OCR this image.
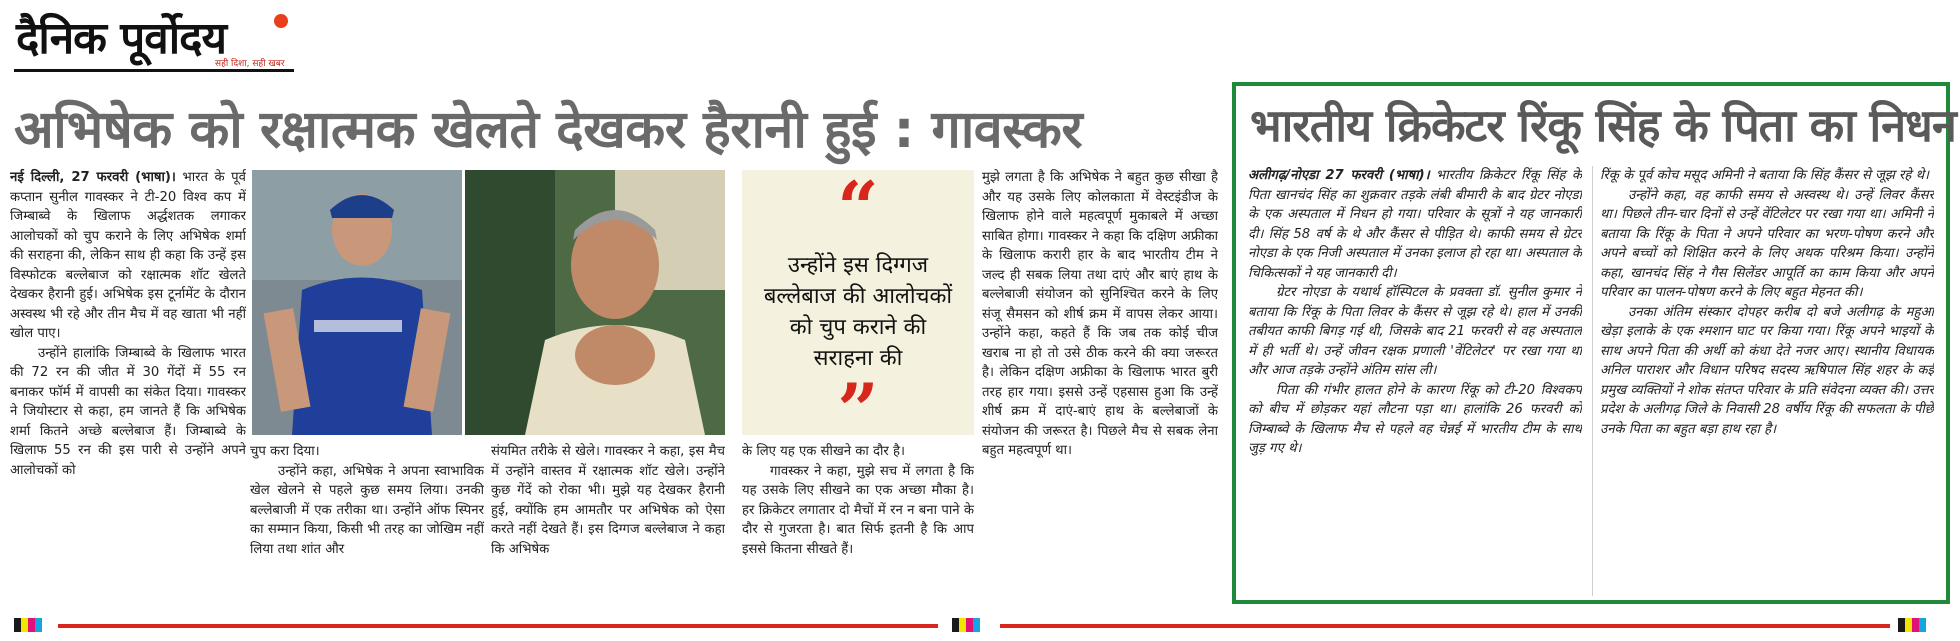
दैनिक पूर्वोदय
सही दिशा, सही खबर
अभिषेक को रक्षात्मक खेलते देखकर हैरानी हुई : गावस्कर

नई दिल्ली, 27 फरवरी (भाषा)। भारत के पूर्व कप्तान सुनील गावस्कर ने टी-20 विश्व कप में जिम्बाब्वे के खिलाफ अर्द्धशतक लगाकर आलोचकों को चुप कराने के लिए अभिषेक शर्मा की सराहना की, लेकिन साथ ही कहा कि उन्हें इस विस्फोटक बल्लेबाज को रक्षात्मक शॉट खेलते देखकर हैरानी हुई। अभिषेक इस टूर्नामेंट के दौरान अस्वस्थ भी रहे और तीन मैच में वह खाता भी नहीं खोल पाए।

उन्होंने हालांकि जिम्बाब्वे के खिलाफ भारत की 72 रन की जीत में 30 गेंदों में 55 रन बनाकर फॉर्म में वापसी का संकेत दिया। गावस्कर ने जियोस्टार से कहा, हम जानते हैं कि अभिषेक शर्मा कितने अच्छे बल्लेबाज हैं। जिम्बाब्वे के खिलाफ 55 रन की इस पारी से उन्होंने अपने आलोचकों को

“
उन्होंने इस दिग्गज बल्लेबाज की आलोचकों को चुप कराने की सराहना की
”

चुप करा दिया।

उन्होंने कहा, अभिषेक ने अपना स्वाभाविक खेल खेलने से पहले कुछ समय लिया। उनकी बल्लेबाजी में एक तरीका था। उन्होंने ऑफ स्पिनर का सम्मान किया, किसी भी तरह का जोखिम नहीं लिया तथा शांत और

संयमित तरीके से खेले। गावस्कर ने कहा, इस मैच में उन्होंने वास्तव में रक्षात्मक शॉट खेले। उन्होंने कुछ गेंदें को रोका भी। मुझे यह देखकर हैरानी हुई, क्योंकि हम आमतौर पर अभिषेक को ऐसा करते नहीं देखते हैं। इस दिग्गज बल्लेबाज ने कहा कि अभिषेक

के लिए यह एक सीखने का दौर है।

गावस्कर ने कहा, मुझे सच में लगता है कि यह उसके लिए सीखने का एक अच्छा मौका है। हर क्रिकेटर लगातार दो मैचों में रन न बना पाने के दौर से गुजरता है। बात सिर्फ इतनी है कि आप इससे कितना सीखते हैं।

मुझे लगता है कि अभिषेक ने बहुत कुछ सीखा है और यह उसके लिए कोलकाता में वेस्टइंडीज के खिलाफ होने वाले महत्वपूर्ण मुकाबले में अच्छा साबित होगा। गावस्कर ने कहा कि दक्षिण अफ्रीका के खिलाफ करारी हार के बाद भारतीय टीम ने जल्द ही सबक लिया तथा दाएं और बाएं हाथ के बल्लेबाजी संयोजन को सुनिश्चित करने के लिए संजू सैमसन को शीर्ष क्रम में वापस लेकर आया। उन्होंने कहा, कहते हैं कि जब तक कोई चीज खराब ना हो तो उसे ठीक करने की क्या जरूरत है। लेकिन दक्षिण अफ्रीका के खिलाफ भारत बुरी तरह हार गया। इससे उन्हें एहसास हुआ कि उन्हें शीर्ष क्रम में दाएं-बाएं हाथ के बल्लेबाजों के संयोजन की जरूरत है। पिछले मैच से सबक लेना बहुत महत्वपूर्ण था।

भारतीय क्रिकेटर रिंकू सिंह के पिता का निधन

अलीगढ़/नोएडा 27 फरवरी (भाषा)। भारतीय क्रिकेटर रिंकू सिंह के पिता खानचंद सिंह का शुक्रवार तड़के लंबी बीमारी के बाद ग्रेटर नोएडा के एक अस्पताल में निधन हो गया। परिवार के सूत्रों ने यह जानकारी दी। सिंह 58 वर्ष के थे और कैंसर से पीड़ित थे। काफी समय से ग्रेटर नोएडा के एक निजी अस्पताल में उनका इलाज हो रहा था। अस्पताल के चिकित्सकों ने यह जानकारी दी।

ग्रेटर नोएडा के यथार्थ हॉस्पिटल के प्रवक्ता डॉ. सुनील कुमार ने बताया कि रिंकू के पिता लिवर के कैंसर से जूझ रहे थे। हाल में उनकी तबीयत काफी बिगड़ गई थी, जिसके बाद 21 फरवरी से वह अस्पताल में ही भर्ती थे। उन्हें जीवन रक्षक प्रणाली 'वेंटिलेटर' पर रखा गया था और आज तड़के उन्होंने अंतिम सांस ली।

पिता की गंभीर हालत होने के कारण रिंकू को टी-20 विश्वकप को बीच में छोड़कर यहां लौटना पड़ा था। हालांकि 26 फरवरी को जिम्बाब्वे के खिलाफ मैच से पहले वह चेन्नई में भारतीय टीम के साथ जुड़ गए थे।

रिंकू के पूर्व कोच मसूद अमिनी ने बताया कि सिंह कैंसर से जूझ रहे थे।

उन्होंने कहा, वह काफी समय से अस्वस्थ थे। उन्हें लिवर कैंसर था। पिछले तीन-चार दिनों से उन्हें वेंटिलेटर पर रखा गया था। अमिनी ने बताया कि रिंकू के पिता ने अपने परिवार का भरण-पोषण करने और अपने बच्चों को शिक्षित करने के लिए अथक परिश्रम किया। उन्होंने कहा, खानचंद सिंह ने गैस सिलेंडर आपूर्ति का काम किया और अपने परिवार का पालन-पोषण करने के लिए बहुत मेहनत की।

उनका अंतिम संस्कार दोपहर करीब दो बजे अलीगढ़ के महुआ खेड़ा इलाके के एक श्मशान घाट पर किया गया। रिंकू अपने भाइयों के साथ अपने पिता की अर्थी को कंधा देते नजर आए। स्थानीय विधायक अनिल पाराशर और विधान परिषद सदस्य ऋषिपाल सिंह शहर के कई प्रमुख व्यक्तियों ने शोक संतप्त परिवार के प्रति संवेदना व्यक्त की। उत्तर प्रदेश के अलीगढ़ जिले के निवासी 28 वर्षीय रिंकू की सफलता के पीछे उनके पिता का बहुत बड़ा हाथ रहा है।
